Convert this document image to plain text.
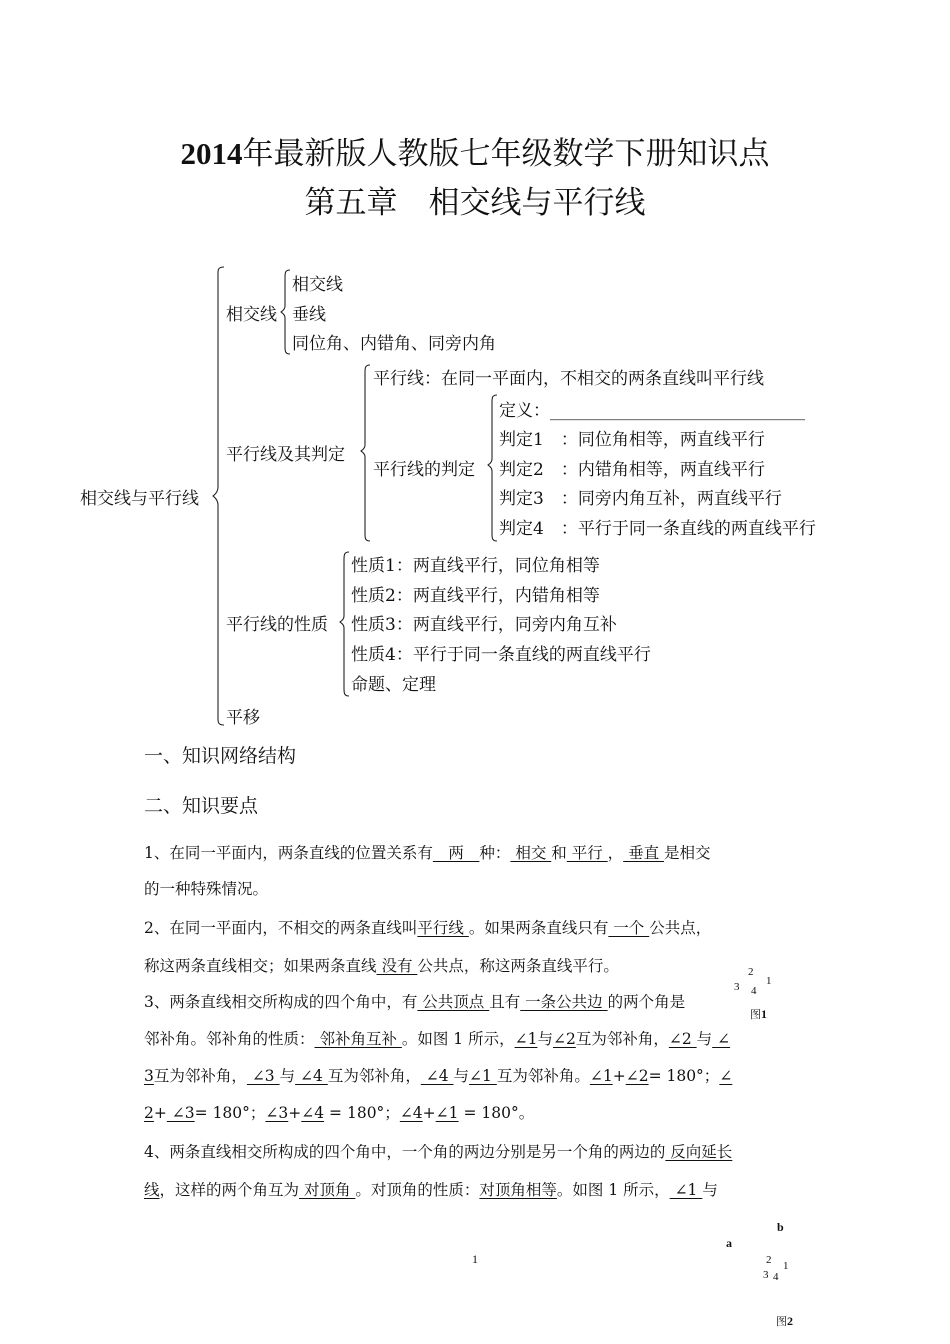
2014年最新版人教版七年级数学下册知识点
第五章　相交线与平行线
相交线与平行线
相交线
相交线
垂线
同位角、内错角、同旁内角
平行线及其判定
平行线：在同一平面内，不相交的两条直线叫平行线
平行线的判定
定义：______________________________
判定1　：同位角相等，两直线平行
判定2　：内错角相等，两直线平行
判定3　：同旁内角互补，两直线平行
判定4　：平行于同一条直线的两直线平行
平行线的性质
性质1：两直线平行，同位角相等
性质2：两直线平行，内错角相等
性质3：两直线平行，同旁内角互补
性质4：平行于同一条直线的两直线平行
命题、定理
平移
一、知识网络结构
二、知识要点
1、在同一平面内，两条直线的位置关系有　两　种： 相交 和 平行 ， 垂直 是相交
的一种特殊情况。
2、在同一平面内，不相交的两条直线叫平行线 。如果两条直线只有 一个 公共点，
称这两条直线相交；如果两条直线 没有 公共点，称这两条直线平行。
3、两条直线相交所构成的四个角中，有 公共顶点 且有 一条公共边 的两个角是
邻补角。邻补角的性质： 邻补角互补 。如图 1 所示，∠1与∠2互为邻补角，∠2 与 ∠
3互为邻补角， ∠3 与 ∠4 互为邻补角， ∠4 与∠1 互为邻补角。∠1+∠2= 180°；∠
2+ ∠3= 180°；∠3+∠4 = 180°；∠4+∠1 = 180°。
4、两条直线相交所构成的四个角中，一个角的两边分别是另一个角的两边的 反向延长
线，这样的两个角互为 对顶角 。对顶角的性质：对顶角相等。如图 1 所示， ∠1 与
2
1
3 4
图1
b
a
2 1
3 4
图2
1
